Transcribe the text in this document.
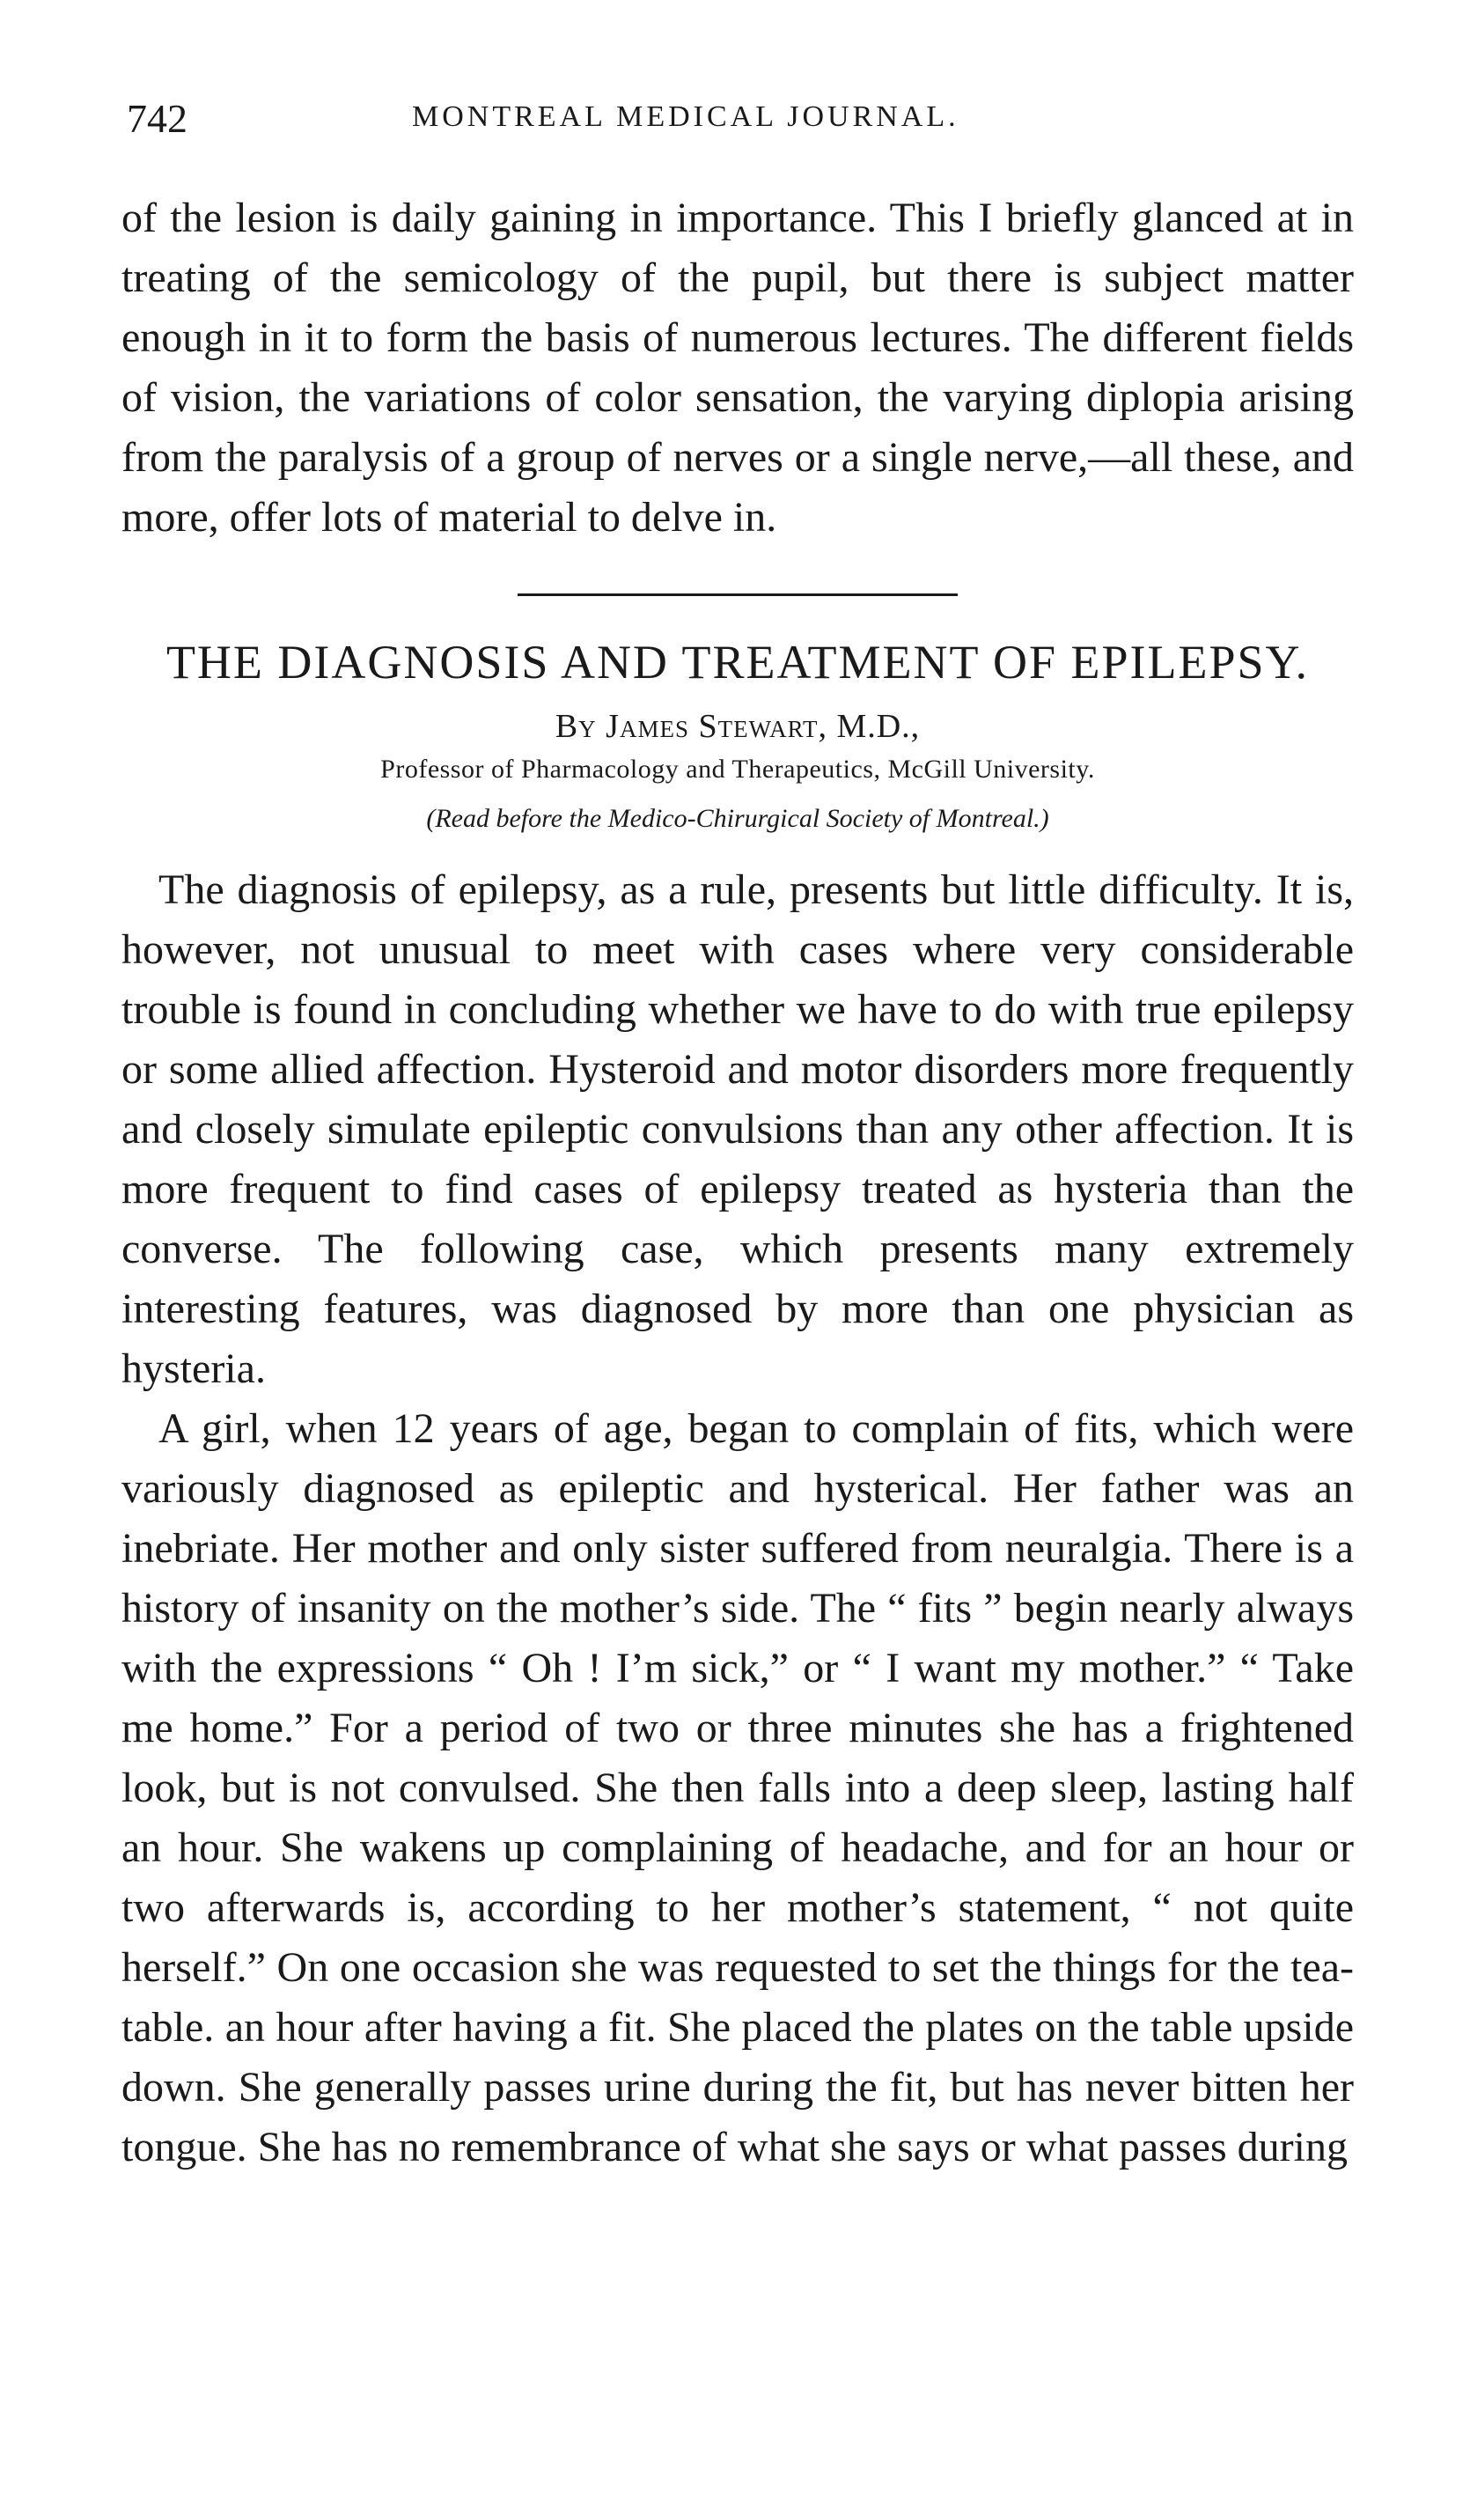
742	MONTREAL MEDICAL JOURNAL.

of the lesion is daily gaining in importance. This I briefly glanced at in treating of the semicology of the pupil, but there is subject matter enough in it to form the basis of numerous lectures. The different fields of vision, the variations of color sensation, the varying diplopia arising from the paralysis of a group of nerves or a single nerve,—all these, and more, offer lots of material to delve in.

THE DIAGNOSIS AND TREATMENT OF EPILEPSY.
By James Stewart, M.D.,
Professor of Pharmacology and Therapeutics, McGill University.
(Read before the Medico-Chirurgical Society of Montreal.)

The diagnosis of epilepsy, as a rule, presents but little difficulty. It is, however, not unusual to meet with cases where very considerable trouble is found in concluding whether we have to do with true epilepsy or some allied affection. Hysteroid and motor disorders more frequently and closely simulate epileptic convulsions than any other affection. It is more frequent to find cases of epilepsy treated as hysteria than the converse. The following case, which presents many extremely interesting features, was diagnosed by more than one physician as hysteria.

A girl, when 12 years of age, began to complain of fits, which were variously diagnosed as epileptic and hysterical. Her father was an inebriate. Her mother and only sister suffered from neuralgia. There is a history of insanity on the mother’s side. The “ fits ” begin nearly always with the expressions “ Oh ! I’m sick,” or “ I want my mother.” “ Take me home.” For a period of two or three minutes she has a frightened look, but is not convulsed. She then falls into a deep sleep, lasting half an hour. She wakens up complaining of headache, and for an hour or two afterwards is, according to her mother’s statement, “ not quite herself.” On one occasion she was requested to set the things for the tea-table. an hour after having a fit. She placed the plates on the table upside down. She generally passes urine during the fit, but has never bitten her tongue. She has no remembrance of what she says or what passes during
